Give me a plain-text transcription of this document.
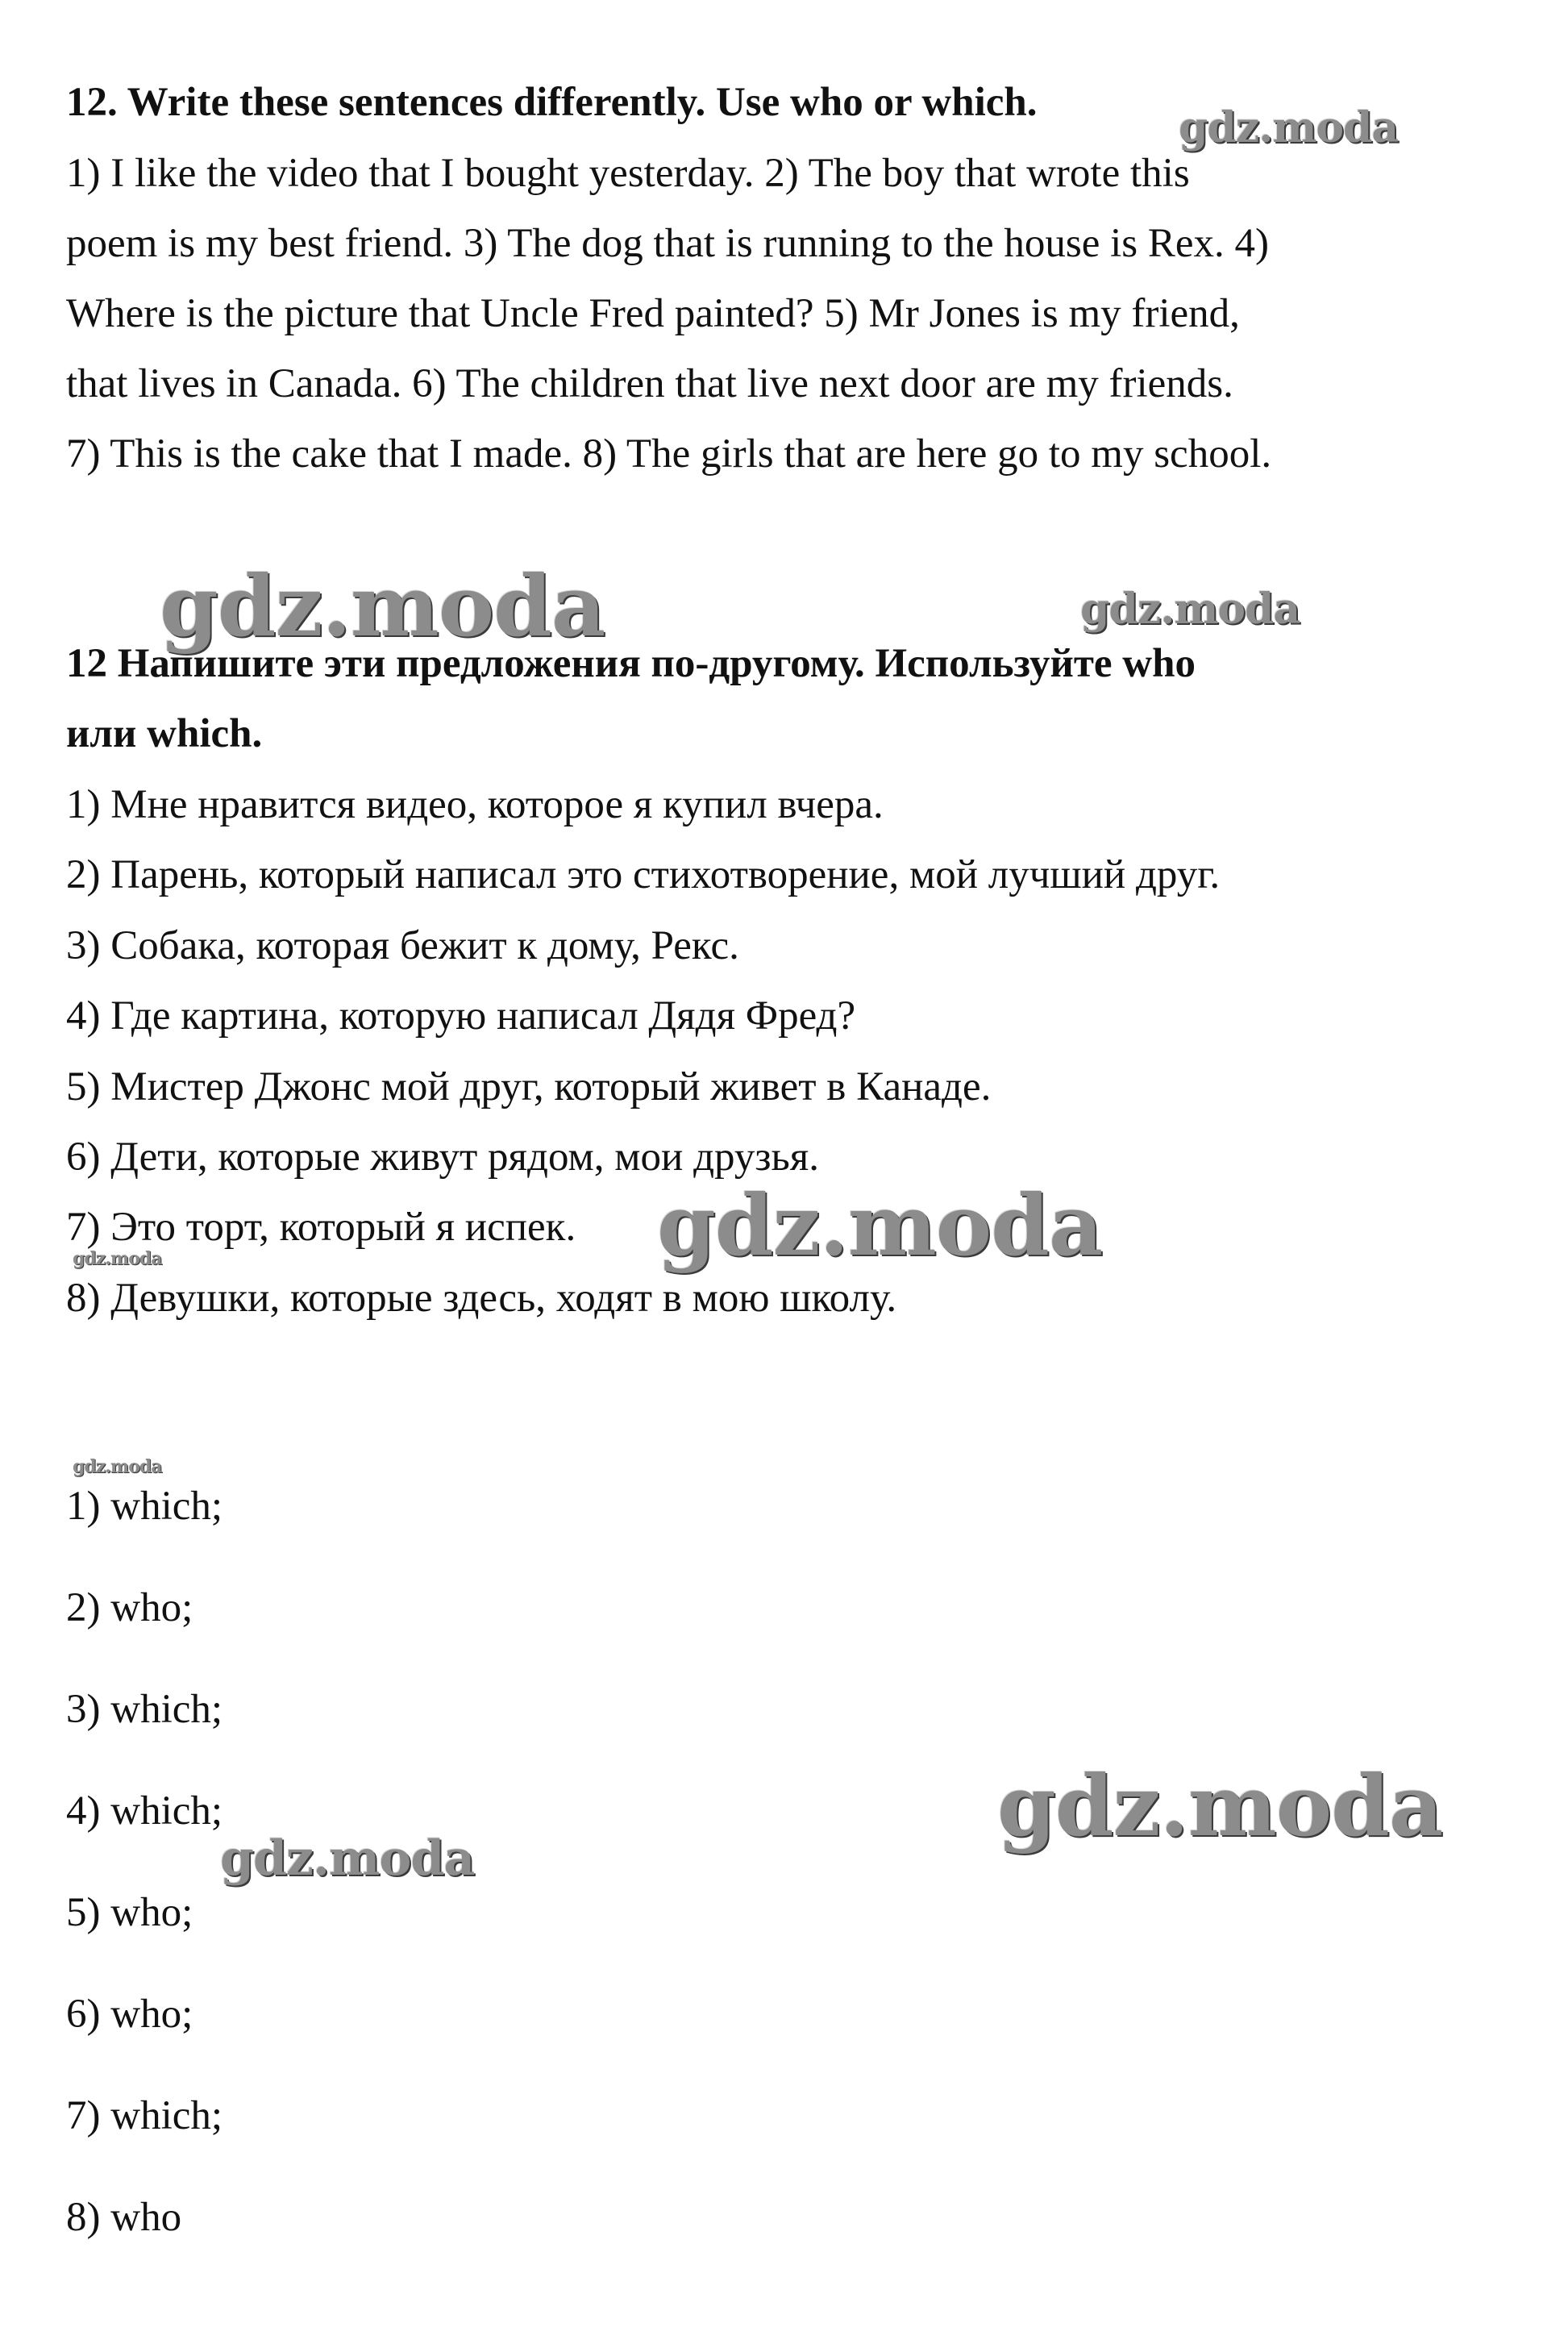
12. Write these sentences differently. Use who or which.
1) I like the video that I bought yesterday. 2) The boy that wrote this
poem is my best friend. 3) The dog that is running to the house is Rex. 4)
Where is the picture that Uncle Fred painted? 5) Mr Jones is my friend,
that lives in Canada. 6) The children that live next door are my friends.
7) This is the cake that I made. 8) The girls that are here go to my school.
12 Напишите эти предложения по-другому. Используйте who
или which.
1) Мне нравится видео, которое я купил вчера.
2) Парень, который написал это стихотворение, мой лучший друг.
3) Собака, которая бежит к дому, Рекс.
4) Где картина, которую написал Дядя Фред?
5) Мистер Джонс мой друг, который живет в Канаде.
6) Дети, которые живут рядом, мои друзья.
7) Это торт, который я испек.
8) Девушки, которые здесь, ходят в мою школу.
1) which;
2) who;
3) which;
4) which;
5) who;
6) who;
7) which;
8) who
gdz.moda
gdz.moda	gdz.moda
gdz.moda
gdz.moda
gdz.moda
gdz.moda
gdz.moda
